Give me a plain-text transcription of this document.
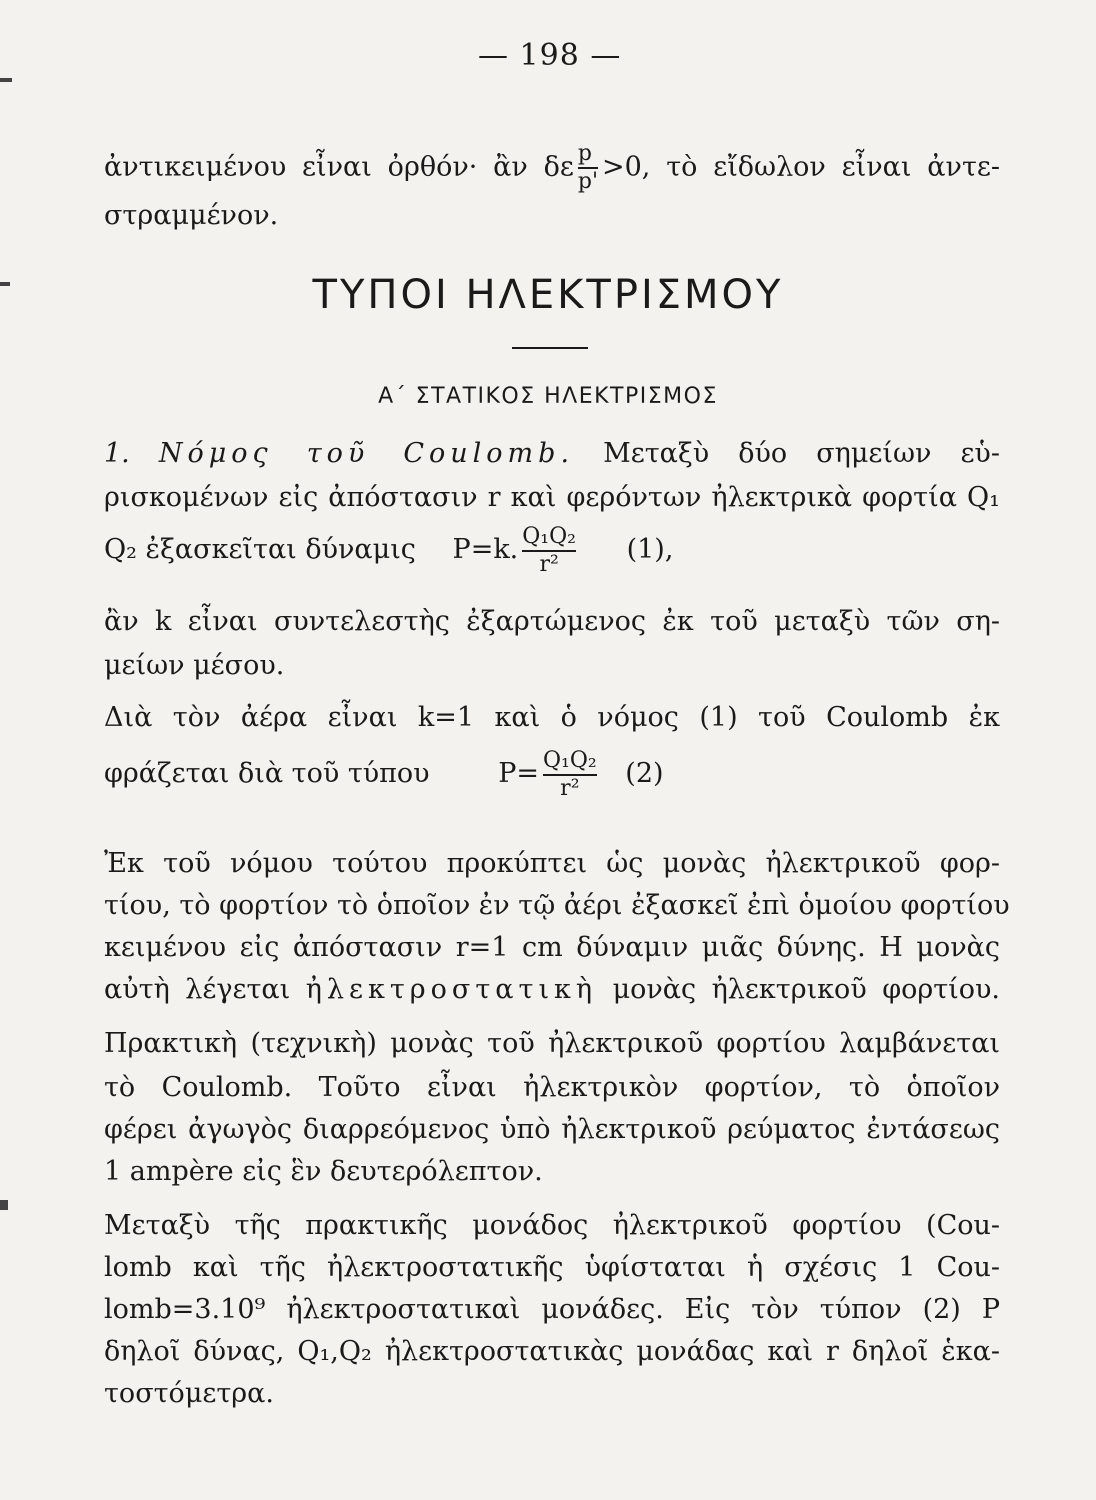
— 198 —
ἀντικειμένου εἶναι ὀρθόν· ἂν δε $\frac{p}{p'} >0$, τὸ εἴδωλον εἶναι ἀντε-
στραμμένον.
ΤΥΠΟΙ ΗΛΕΚΤΡΙΣΜΟΥ
Α΄ ΣΤΑΤΙΚΟΣ ΗΛΕΚΤΡΙΣΜΟΣ
1. Νόμος τοῦ Coulomb. Μεταξὺ δύο σημείων εὑ-
ρισκομένων εἰς ἀπόστασιν r καὶ φερόντων ἠλεκτρικὰ φορτία Q₁
Q₂ ἐξασκεῖται δύναμις P=k. $\frac{\text{Q₁Q₂}}{\text{r²}} (1)$,
ἂν k εἶναι συντελεστὴς ἐξαρτώμενος ἐκ τοῦ μεταξὺ τῶν ση-
μείων μέσου.
Διὰ τὸν ἀέρα εἶναι k=1 καὶ ὁ νόμος (1) τοῦ Coulomb ἐκ
φράζεται διὰ τοῦ τύπου	$P= \frac{\text{Q₁Q₂}}{\text{r²}} (2)$
Ἐκ τοῦ νόμου τούτου προκύπτει ὡς μονὰς ἠλεκτρικοῦ φορ-
τίου, τὸ φορτίον τὸ ὁποῖον ἐν τῷ ἀέρι ἐξασκεῖ ἐπὶ ὁμοίου φορτίου
κειμένου εἰς ἀπόστασιν r=1 cm δύναμιν μιᾶς δύνης. Η μονὰς
αὐτὴ λέγεται ἠλεκτροστατικὴ μονὰς ἠλεκτρικοῦ φορτίου.
Πρακτικὴ (τεχνικὴ) μονὰς τοῦ ἠλεκτρικοῦ φορτίου λαμβάνεται
τὸ Coulomb. Τοῦτο εἶναι ἠλεκτρικὸν φορτίον, τὸ ὁποῖον
φέρει ἀγωγὸς διαρρεόμενος ὑπὸ ἠλεκτρικοῦ ρεύματος ἐντάσεως
1 ampère εἰς ἓν δευτερόλεπτον.
Μεταξὺ τῆς πρακτικῆς μονάδος ἠλεκτρικοῦ φορτίου (Cou-
lomb καὶ τῆς ἠλεκτροστατικῆς ὑφίσταται ἡ σχέσις 1 Cou-
lomb=3.10⁹ ἠλεκτροστατικαὶ μονάδες. Εἰς τὸν τύπον (2) P
δηλοῖ δύνας, Q₁,Q₂ ἠλεκτροστατικὰς μονάδας καὶ r δηλοῖ ἑκα-
τοστόμετρα.
